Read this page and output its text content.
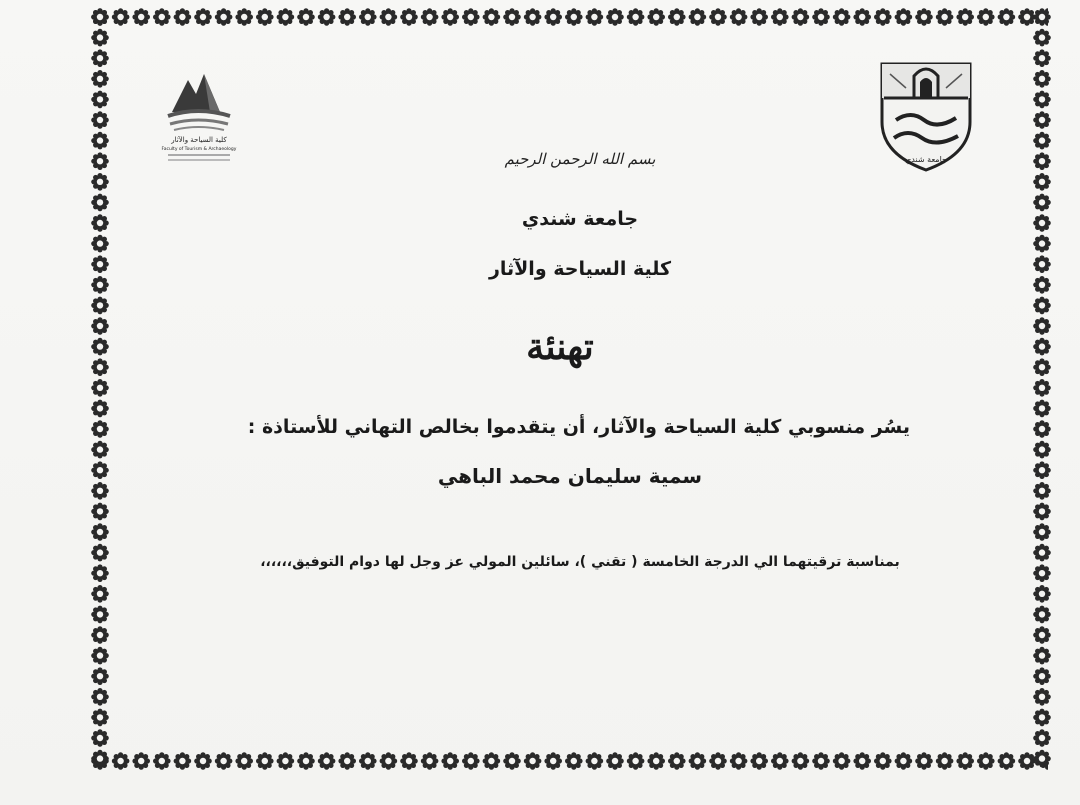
كلية السياحة والآثار
Faculty of Tourism & Archaeology
جامعة شندي
بسم الله الرحمن الرحيم
جامعة شندي
كلية السياحة والآثار
تهنئة
يسُر منسوبي كلية السياحة والآثار، أن يتقدموا بخالص التهاني للأستاذة :
سمية سليمان محمد الباهي
بمناسبة ترقيتهما الي الدرجة الخامسة ( تقني )، سائلين المولي عز وجل لها دوام التوفيق،،،،،،
